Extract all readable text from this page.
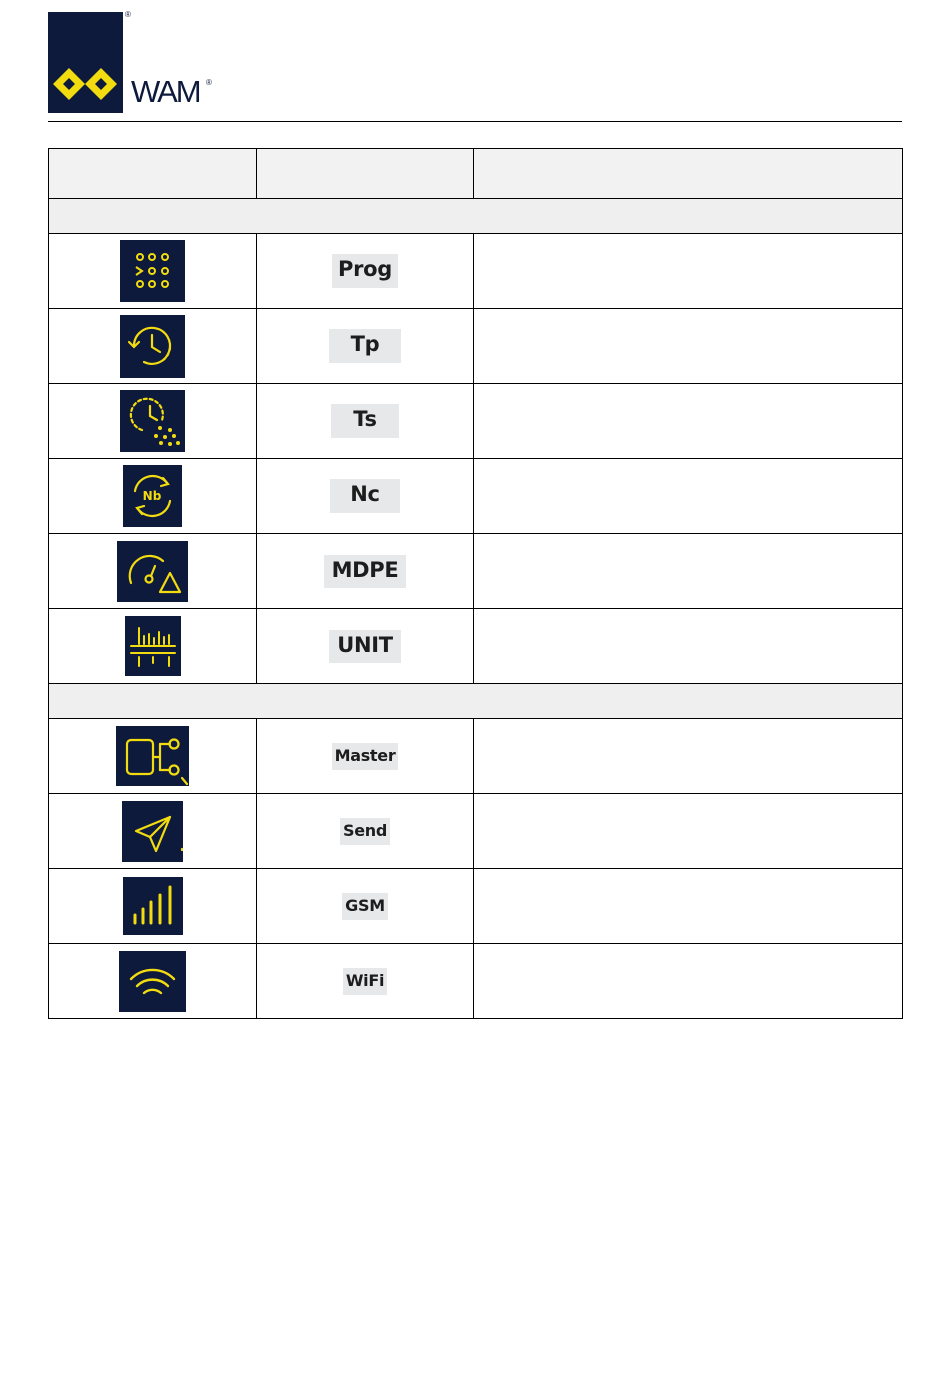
®
WAM ®

	Prog	

	Tp	

	Ts	

Nb	Nc	

	MDPE	

	UNIT	

	Master	

	Send	

	GSM	

	WiFi	
